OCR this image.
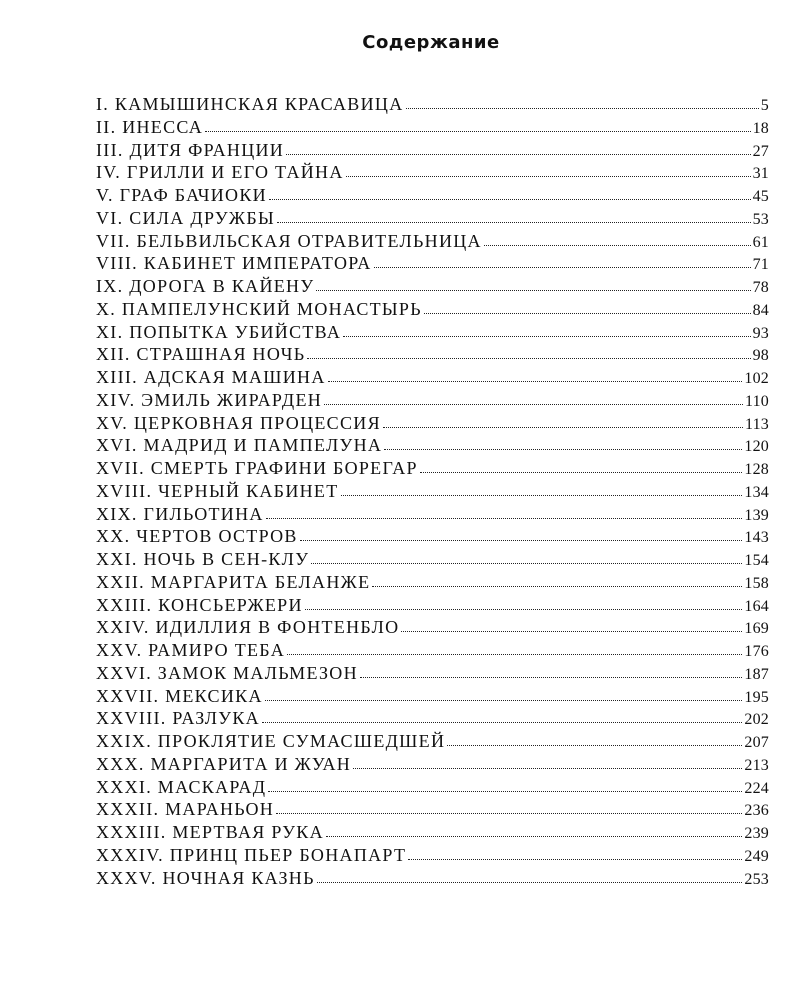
Содержание
I. КАМЫШИНСКАЯ КРАСАВИЦА	5
II. ИНЕССА	18
III. ДИТЯ ФРАНЦИИ	27
IV. ГРИЛЛИ И ЕГО ТАЙНА	31
V. ГРАФ БАЧИОКИ	45
VI. СИЛА ДРУЖБЫ	53
VII. БЕЛЬВИЛЬСКАЯ ОТРАВИТЕЛЬНИЦА	61
VIII. КАБИНЕТ ИМПЕРАТОРА	71
IX. ДОРОГА В КАЙЕНУ	78
X. ПАМПЕЛУНСКИЙ МОНАСТЫРЬ	84
XI. ПОПЫТКА УБИЙСТВА	93
XII. СТРАШНАЯ НОЧЬ	98
XIII. АДСКАЯ МАШИНА	102
XIV. ЭМИЛЬ ЖИРАРДЕН	110
XV. ЦЕРКОВНАЯ ПРОЦЕССИЯ	113
XVI. МАДРИД И ПАМПЕЛУНА	120
XVII. СМЕРТЬ ГРАФИНИ БОРЕГАР	128
XVIII. ЧЕРНЫЙ КАБИНЕТ	134
XIX. ГИЛЬОТИНА	139
XX. ЧЕРТОВ ОСТРОВ	143
XXI. НОЧЬ В СЕН-КЛУ	154
XXII. МАРГАРИТА БЕЛАНЖЕ	158
XXIII. КОНСЬЕРЖЕРИ	164
XXIV. ИДИЛЛИЯ В ФОНТЕНБЛО	169
XXV. РАМИРО ТЕБА	176
XXVI. ЗАМОК МАЛЬМЕЗОН	187
XXVII. МЕКСИКА	195
XXVIII. РАЗЛУКА	202
XXIX. ПРОКЛЯТИЕ СУМАСШЕДШЕЙ	207
XXX. МАРГАРИТА И ЖУАН	213
XXXI. МАСКАРАД	224
XXXII. МАРАНЬОН	236
XXXIII. МЕРТВАЯ РУКА	239
XXXIV. ПРИНЦ ПЬЕР БОНАПАРТ	249
XXXV. НОЧНАЯ КАЗНЬ	253
